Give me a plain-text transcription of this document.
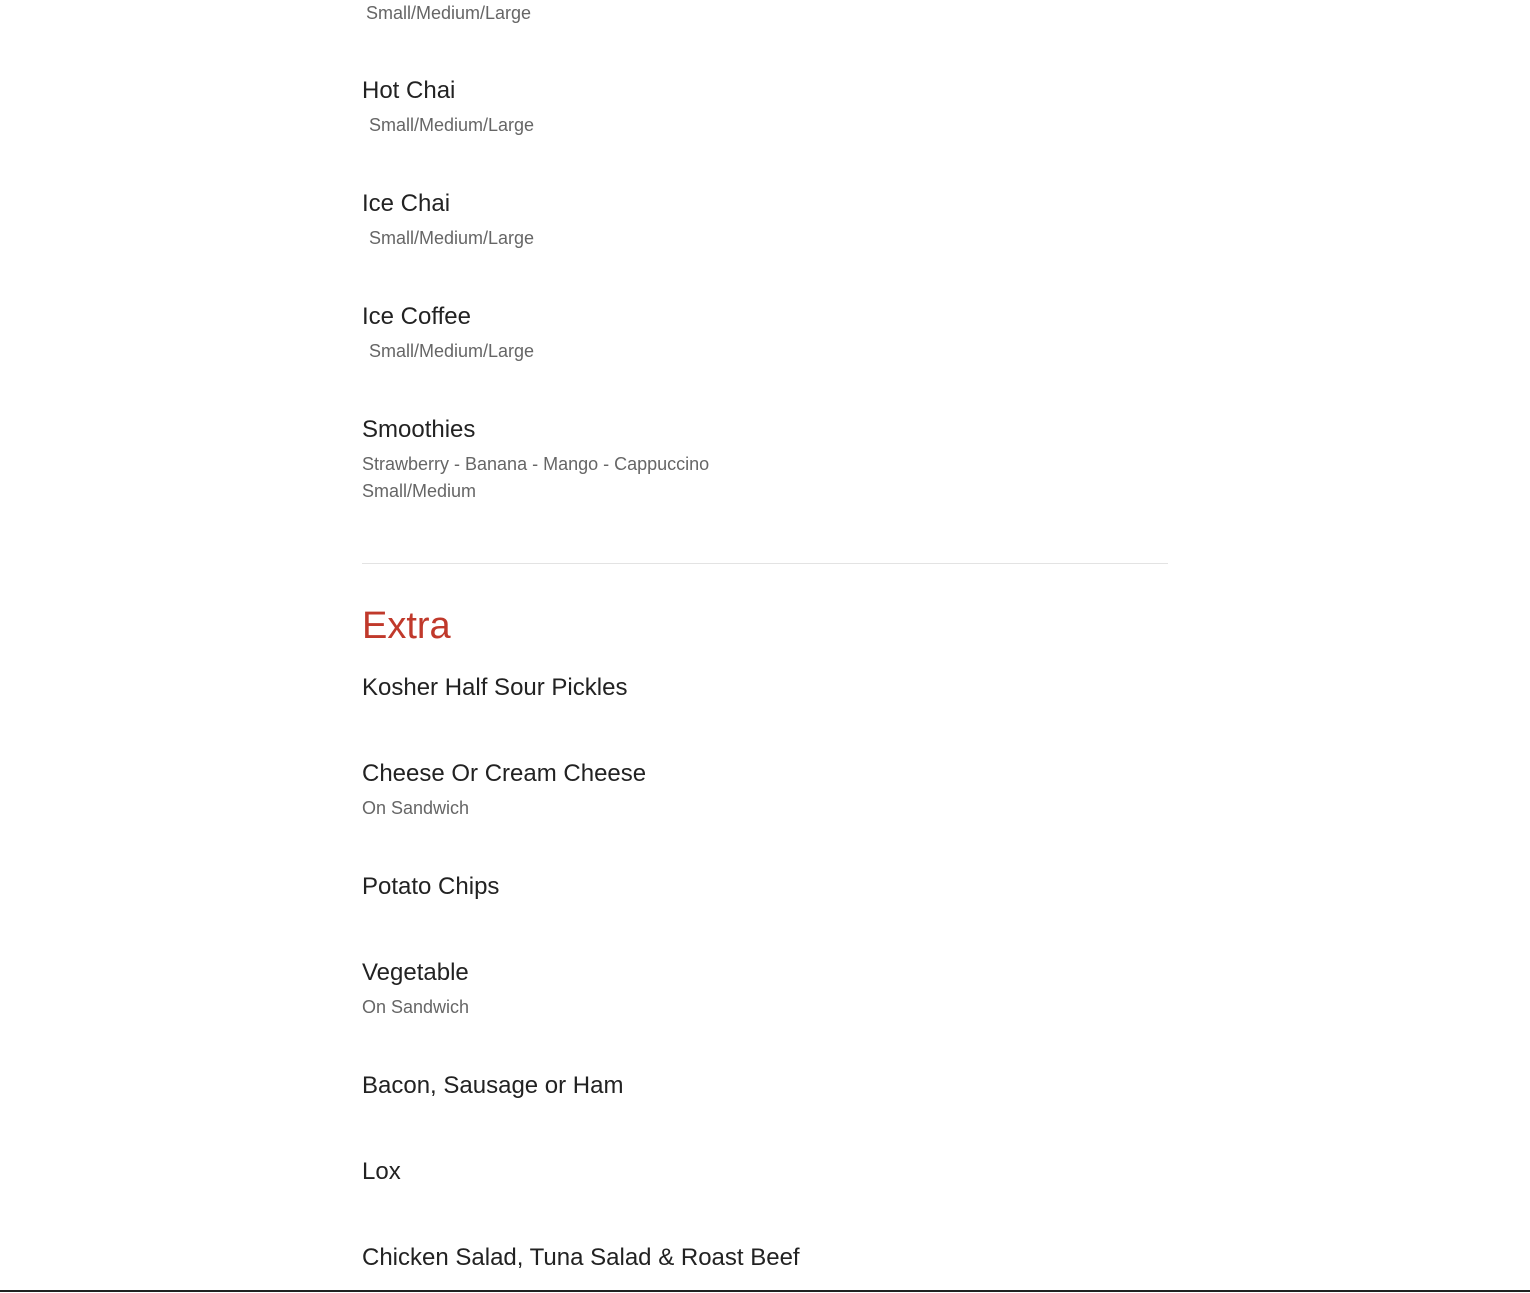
Small/Medium/Large
Hot Chai
Small/Medium/Large
Ice Chai
Small/Medium/Large
Ice Coffee
Small/Medium/Large
Smoothies
Strawberry - Banana - Mango - Cappuccino
Small/Medium
Extra
Kosher Half Sour Pickles
Cheese Or Cream Cheese
On Sandwich
Potato Chips
Vegetable
On Sandwich
Bacon, Sausage or Ham
Lox
Chicken Salad, Tuna Salad & Roast Beef
